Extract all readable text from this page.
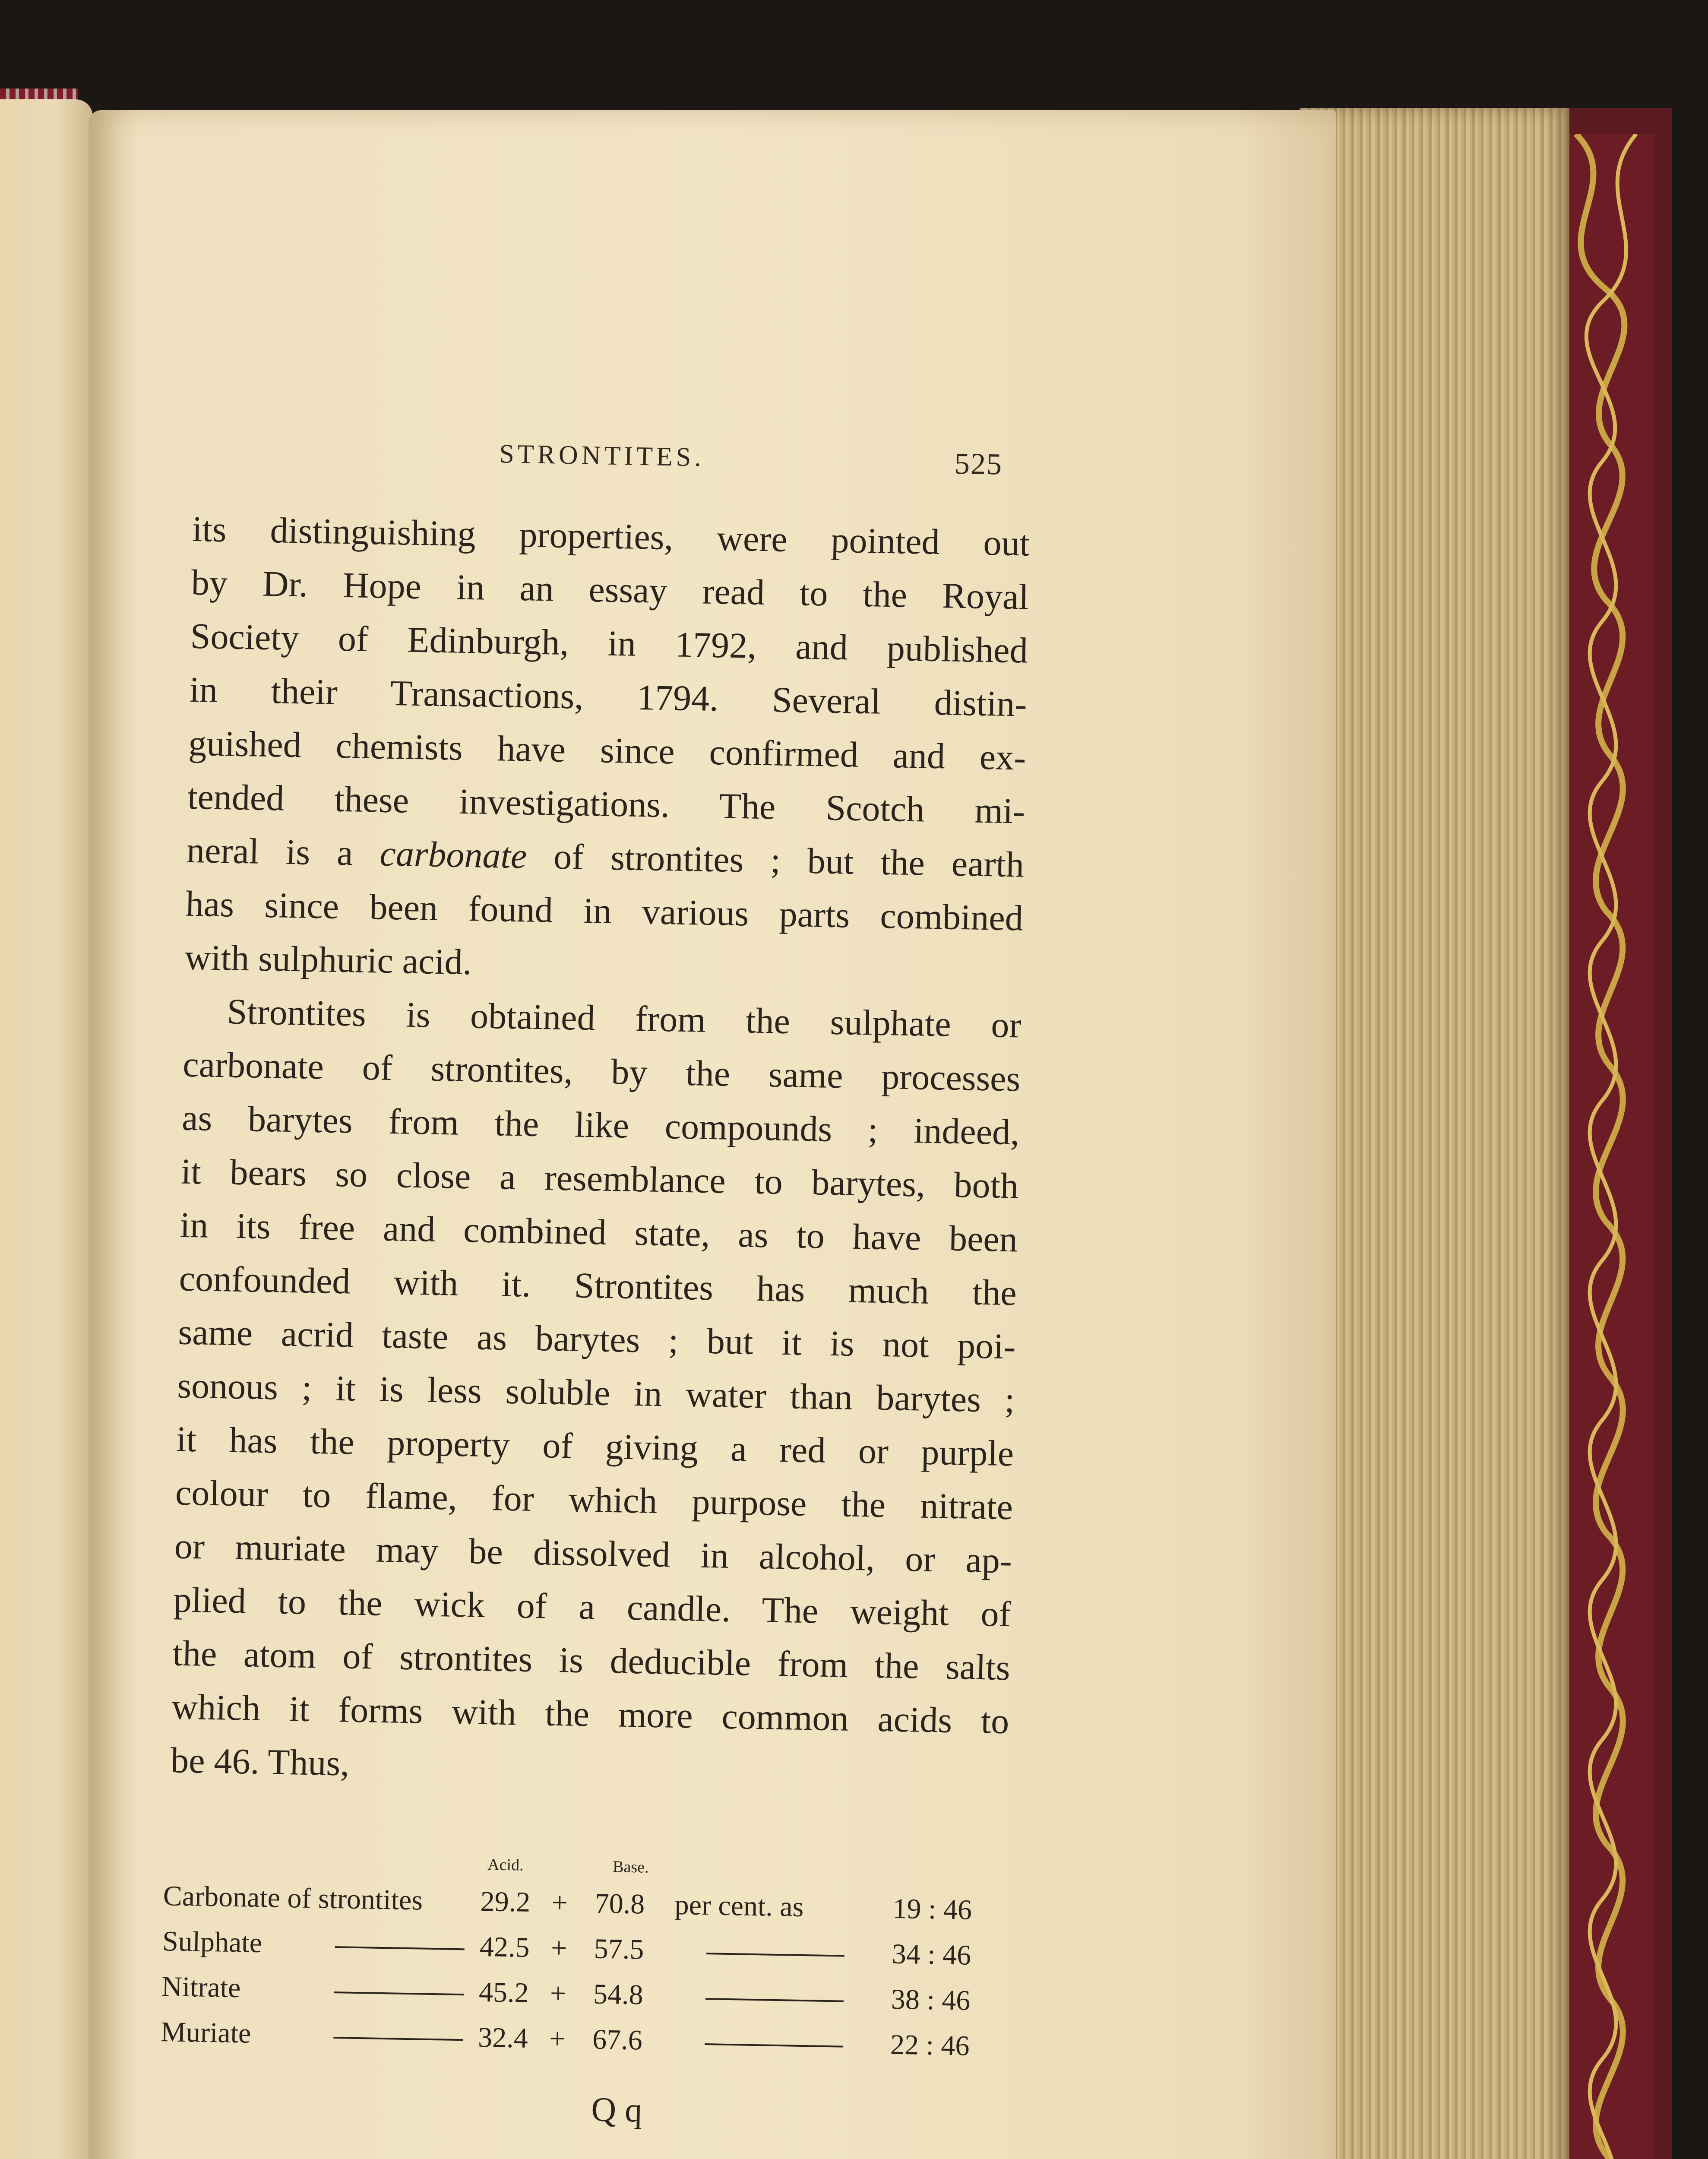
STRONTITES.	525
its distinguishing properties, were pointed out
by Dr. Hope in an essay read to the Royal
Society of Edinburgh, in 1792, and published
in their Transactions, 1794. Several distin-
guished chemists have since confirmed and ex-
tended these investigations. The Scotch mi-
neral is a carbonate of strontites ; but the earth
has since been found in various parts combined
with sulphuric acid.
Strontites is obtained from the sulphate or
carbonate of strontites, by the same processes
as barytes from the like compounds ; indeed,
it bears so close a resemblance to barytes, both
in its free and combined state, as to have been
confounded with it. Strontites has much the
same acrid taste as barytes ; but it is not poi-
sonous ; it is less soluble in water than barytes ;
it has the property of giving a red or purple
colour to flame, for which purpose the nitrate
or muriate may be dissolved in alcohol, or ap-
plied to the wick of a candle. The weight of
the atom of strontites is deducible from the salts
which it forms with the more common acids to
be 46. Thus,
Acid.	Base.
Carbonate of strontites 29.2 + 70.8 per cent. as	19 : 46
Sulphate	42.5 + 57.5	34 : 46
Nitrate	45.2 + 54.8	38 : 46
Muriate	32.4 + 67.6	22 : 46
Q q
